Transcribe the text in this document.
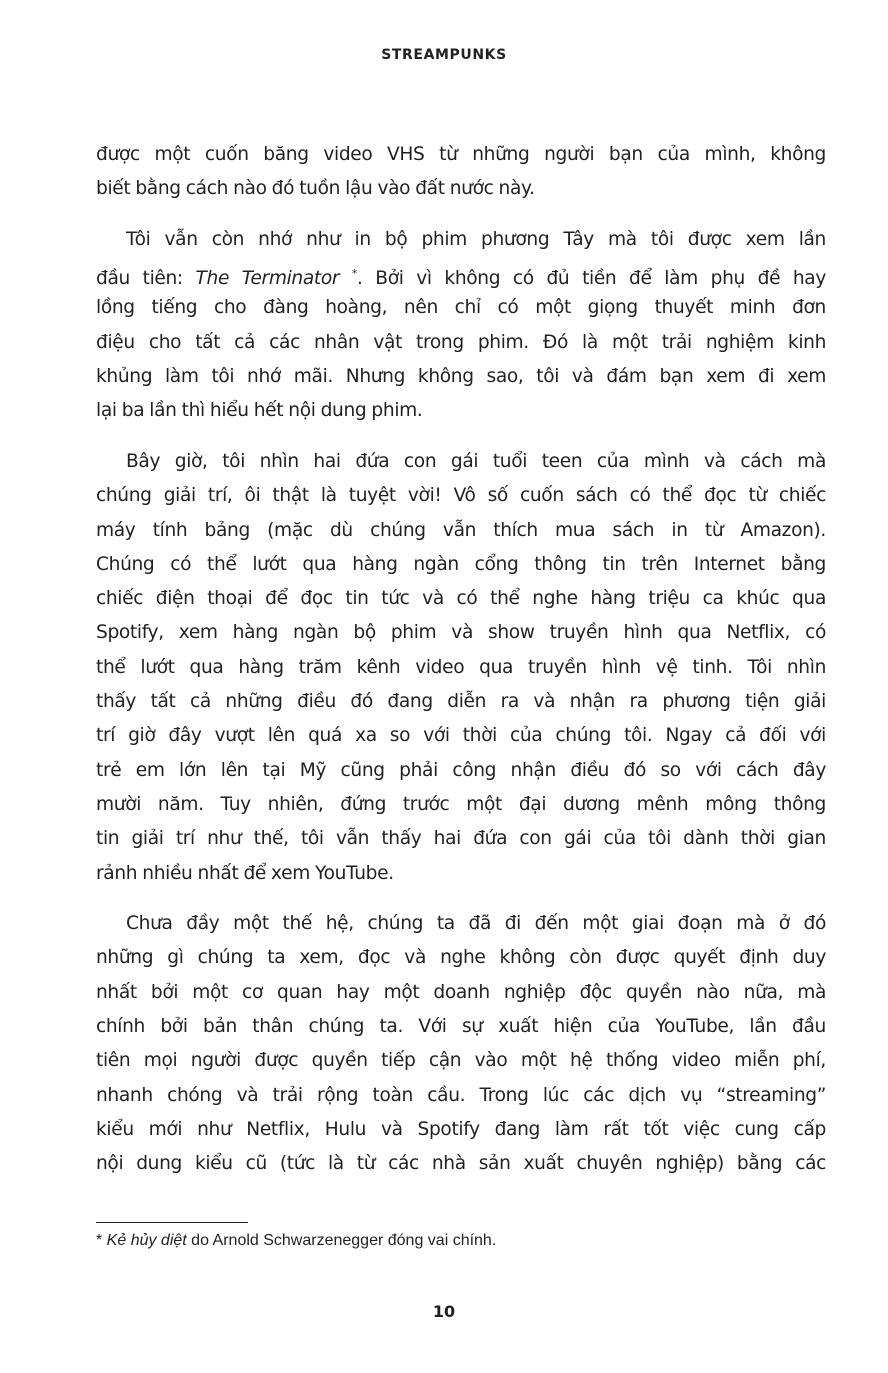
STREAMPUNKS
được một cuốn băng video VHS từ những người bạn của mình, không
biết bằng cách nào đó tuồn lậu vào đất nước này.
Tôi vẫn còn nhớ như in bộ phim phương Tây mà tôi được xem lần
đầu tiên: The Terminator *. Bởi vì không có đủ tiền để làm phụ đề hay
lồng tiếng cho đàng hoàng, nên chỉ có một giọng thuyết minh đơn
điệu cho tất cả các nhân vật trong phim. Đó là một trải nghiệm kinh
khủng làm tôi nhớ mãi. Nhưng không sao, tôi và đám bạn xem đi xem
lại ba lần thì hiểu hết nội dung phim.
Bây giờ, tôi nhìn hai đứa con gái tuổi teen của mình và cách mà
chúng giải trí, ôi thật là tuyệt vời! Vô số cuốn sách có thể đọc từ chiếc
máy tính bảng (mặc dù chúng vẫn thích mua sách in từ Amazon).
Chúng có thể lướt qua hàng ngàn cổng thông tin trên Internet bằng
chiếc điện thoại để đọc tin tức và có thể nghe hàng triệu ca khúc qua
Spotify, xem hàng ngàn bộ phim và show truyền hình qua Netflix, có
thể lướt qua hàng trăm kênh video qua truyền hình vệ tinh. Tôi nhìn
thấy tất cả những điều đó đang diễn ra và nhận ra phương tiện giải
trí giờ đây vượt lên quá xa so với thời của chúng tôi. Ngay cả đối với
trẻ em lớn lên tại Mỹ cũng phải công nhận điều đó so với cách đây
mười năm. Tuy nhiên, đứng trước một đại dương mênh mông thông
tin giải trí như thế, tôi vẫn thấy hai đứa con gái của tôi dành thời gian
rảnh nhiều nhất để xem YouTube.
Chưa đầy một thế hệ, chúng ta đã đi đến một giai đoạn mà ở đó
những gì chúng ta xem, đọc và nghe không còn được quyết định duy
nhất bởi một cơ quan hay một doanh nghiệp độc quyền nào nữa, mà
chính bởi bản thân chúng ta. Với sự xuất hiện của YouTube, lần đầu
tiên mọi người được quyền tiếp cận vào một hệ thống video miễn phí,
nhanh chóng và trải rộng toàn cầu. Trong lúc các dịch vụ “streaming”
kiểu mới như Netflix, Hulu và Spotify đang làm rất tốt việc cung cấp
nội dung kiểu cũ (tức là từ các nhà sản xuất chuyên nghiệp) bằng các
* Kẻ hủy diệt do Arnold Schwarzenegger đóng vai chính.
10
